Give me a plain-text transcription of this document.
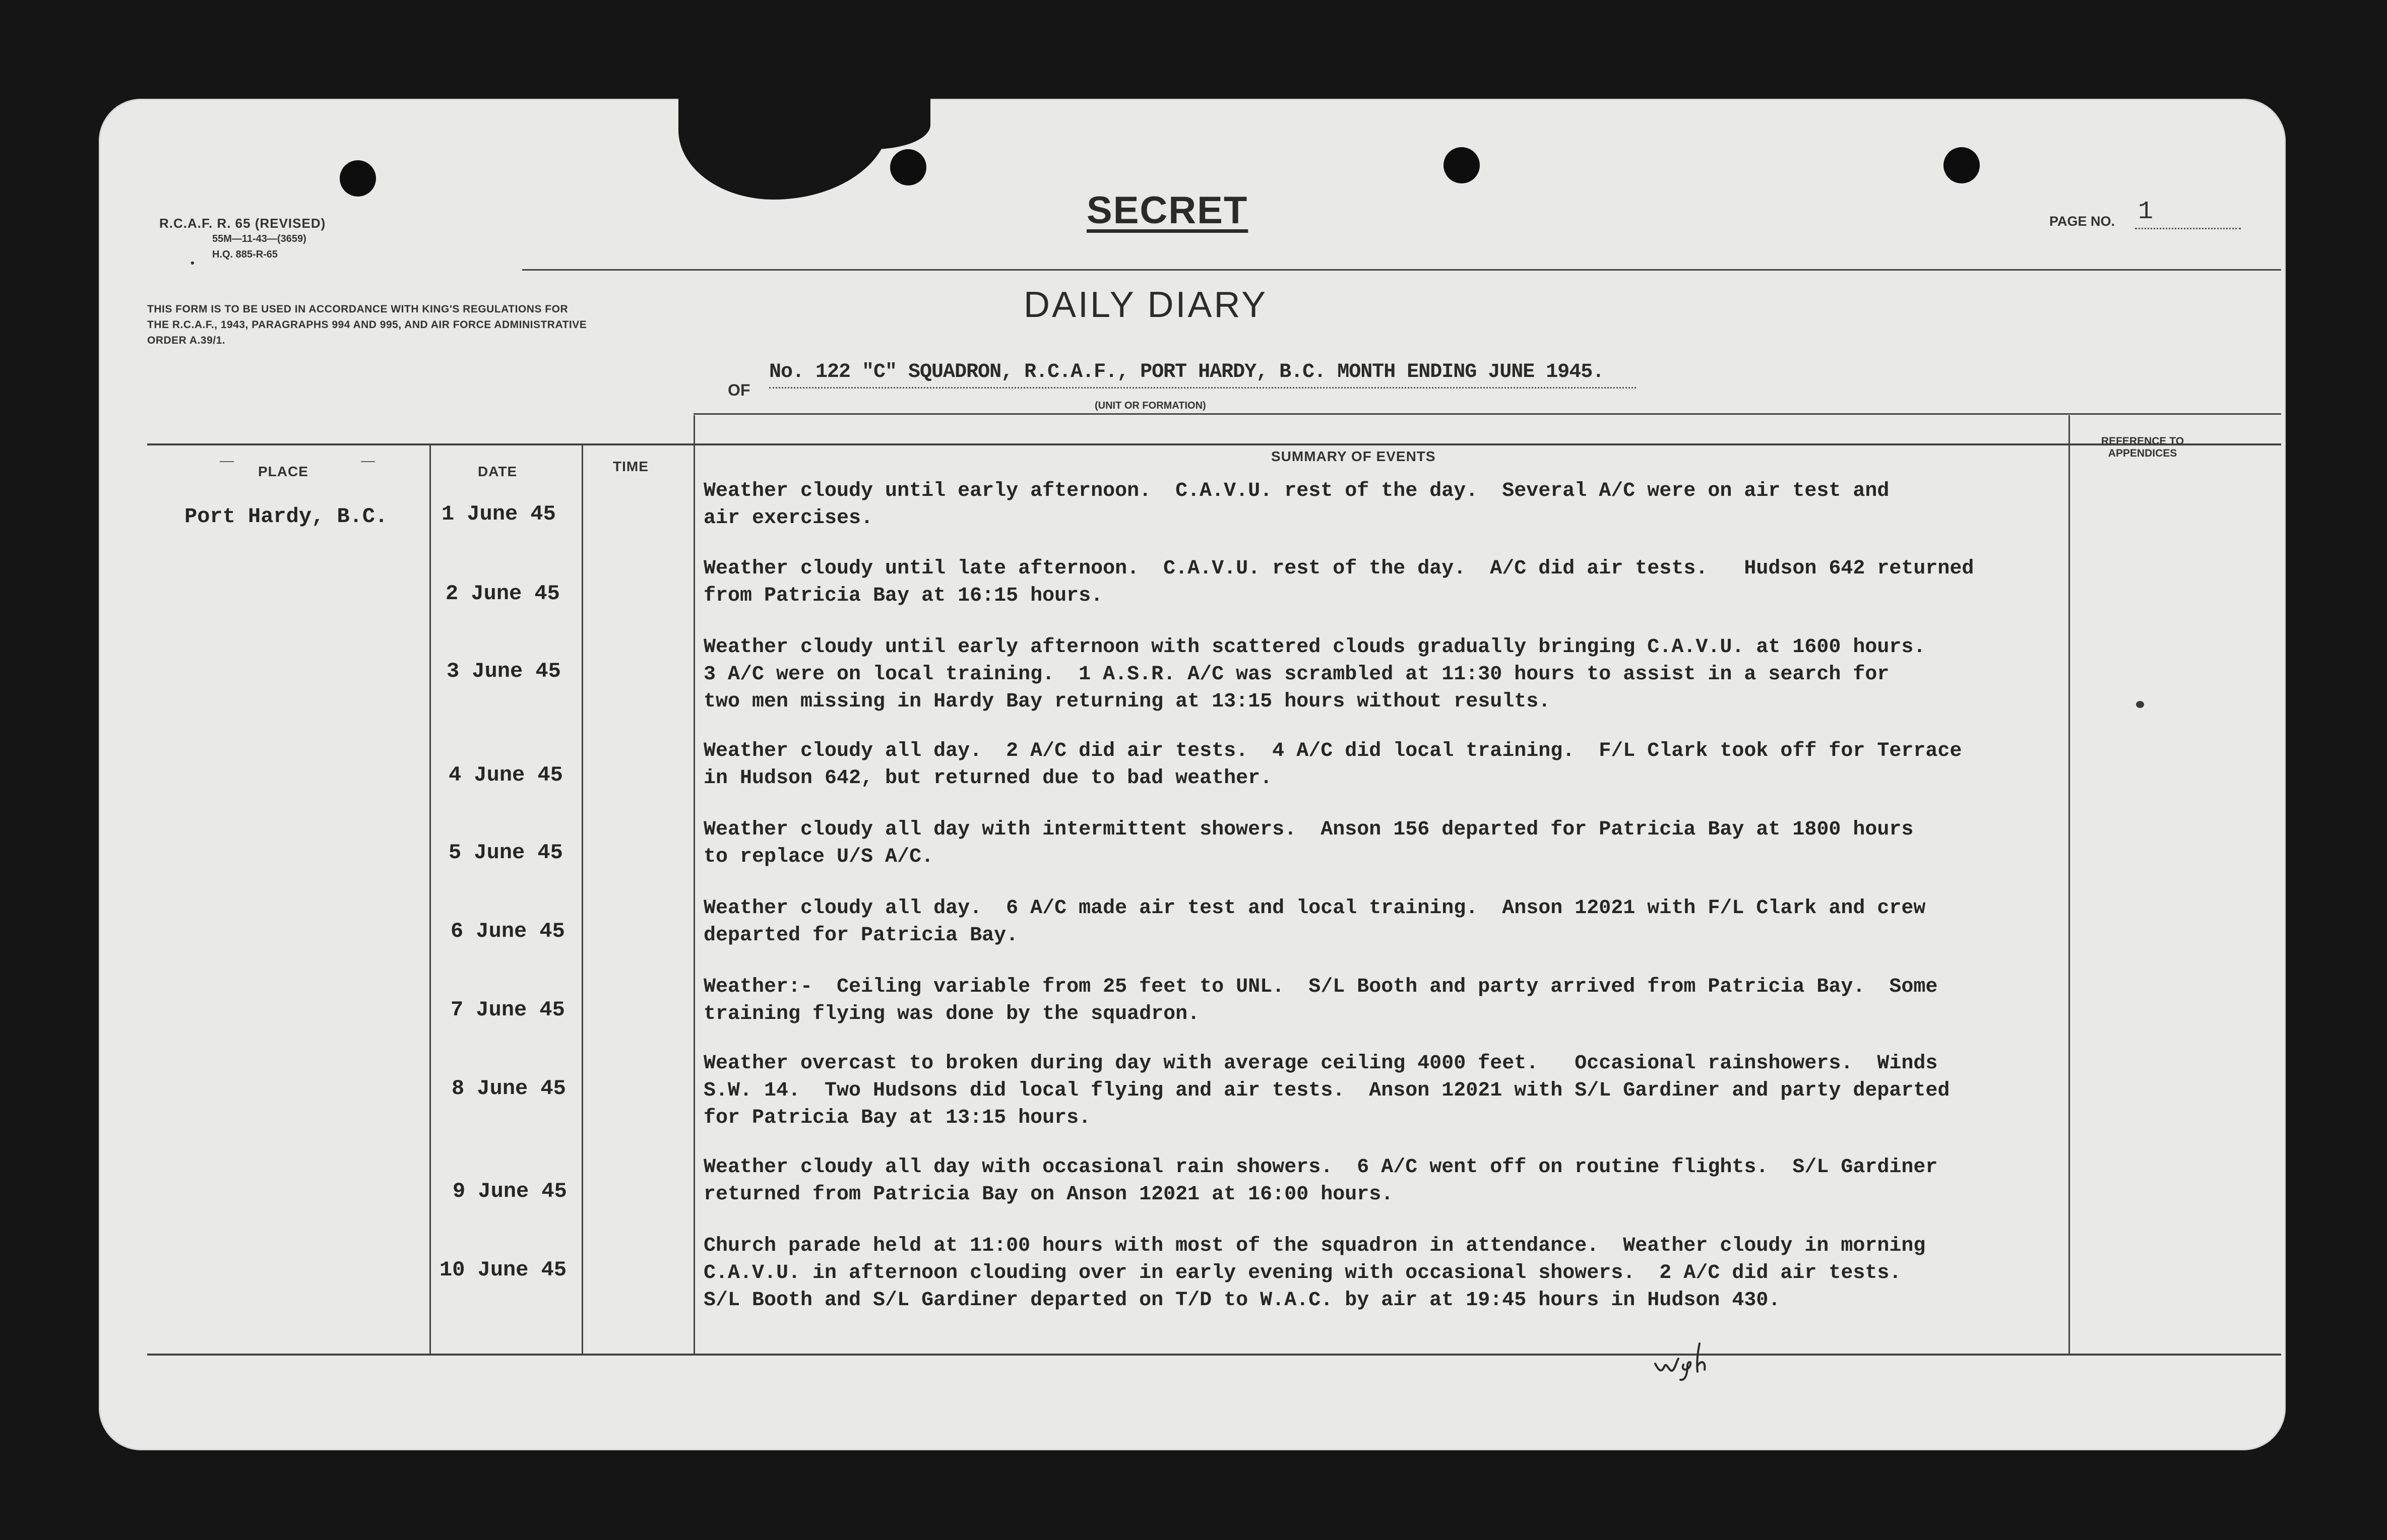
R.C.A.F. R. 65 (REVISED)
55M—11-43—(3659)
H.Q. 885-R-65
•
SECRET	PAGE NO. 1
THIS FORM IS TO BE USED IN ACCORDANCE WITH KING'S REGULATIONS FOR THE R.C.A.F., 1943, PARAGRAPHS 994 AND 995, AND AIR FORCE ADMINISTRATIVE ORDER A.39/1.
DAILY DIARY
OF
No. 122 "C" SQUADRON, R.C.A.F., PORT HARDY, B.C. MONTH ENDING JUNE 1945.
(UNIT OR FORMATION)
—
PLACE
—
DATE	TIME
SUMMARY OF EVENTS
REFERENCE TO APPENDICES
Port Hardy, B.C.	1 June 45
Weather cloudy until early afternoon.  C.A.V.U. rest of the day.  Several A/C were on air test and
air exercises.
2 June 45
Weather cloudy until late afternoon.  C.A.V.U. rest of the day.  A/C did air tests.   Hudson 642 returned
from Patricia Bay at 16:15 hours.
3 June 45
Weather cloudy until early afternoon with scattered clouds gradually bringing C.A.V.U. at 1600 hours.
3 A/C were on local training.  1 A.S.R. A/C was scrambled at 11:30 hours to assist in a search for
two men missing in Hardy Bay returning at 13:15 hours without results.
4 June 45
Weather cloudy all day.  2 A/C did air tests.  4 A/C did local training.  F/L Clark took off for Terrace
in Hudson 642, but returned due to bad weather.
5 June 45
Weather cloudy all day with intermittent showers.  Anson 156 departed for Patricia Bay at 1800 hours
to replace U/S A/C.
6 June 45
Weather cloudy all day.  6 A/C made air test and local training.  Anson 12021 with F/L Clark and crew
departed for Patricia Bay.
7 June 45
Weather:-  Ceiling variable from 25 feet to UNL.  S/L Booth and party arrived from Patricia Bay.  Some
training flying was done by the squadron.
8 June 45
Weather overcast to broken during day with average ceiling 4000 feet.   Occasional rainshowers.  Winds
S.W. 14.  Two Hudsons did local flying and air tests.  Anson 12021 with S/L Gardiner and party departed
for Patricia Bay at 13:15 hours.
9 June 45
Weather cloudy all day with occasional rain showers.  6 A/C went off on routine flights.  S/L Gardiner
returned from Patricia Bay on Anson 12021 at 16:00 hours.
10 June 45
Church parade held at 11:00 hours with most of the squadron in attendance.  Weather cloudy in morning
C.A.V.U. in afternoon clouding over in early evening with occasional showers.  2 A/C did air tests.
S/L Booth and S/L Gardiner departed on T/D to W.A.C. by air at 19:45 hours in Hudson 430.
